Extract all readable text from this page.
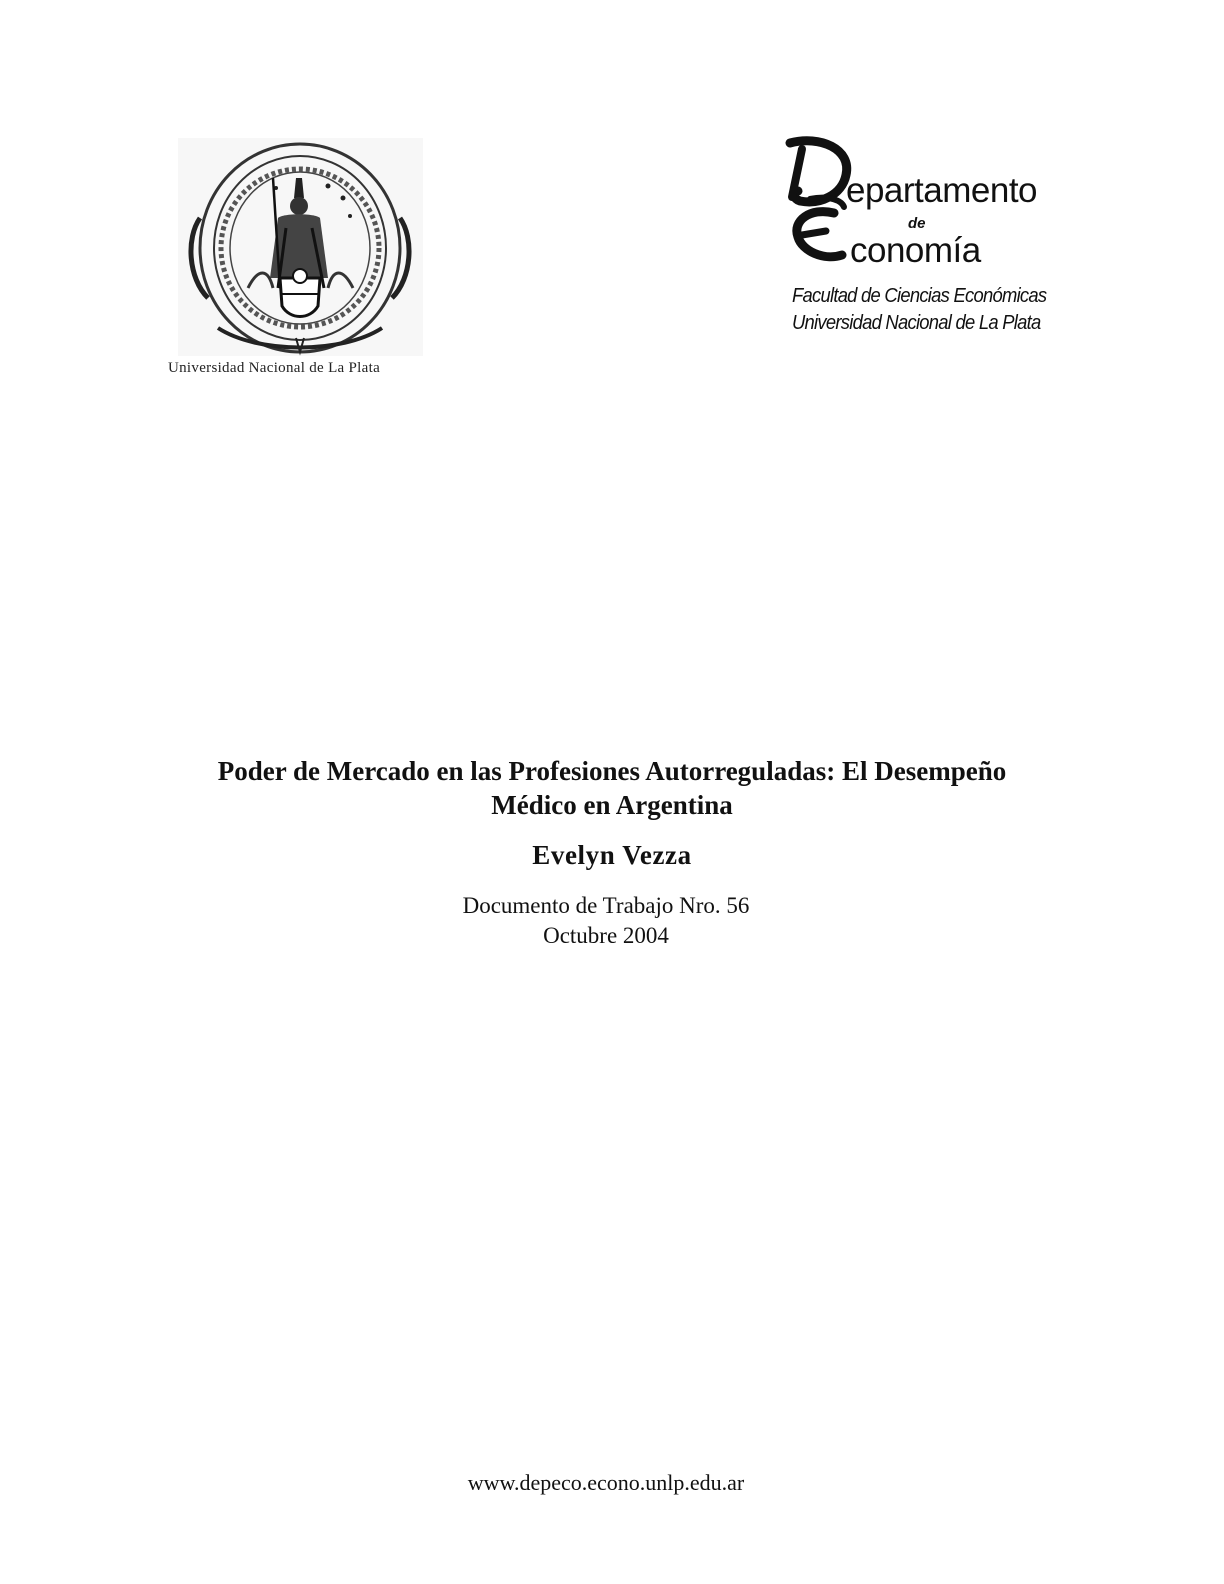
Universidad Nacional de La Plata
epartamento
de
conomía
Facultad de Ciencias Económicas
Universidad Nacional de La Plata
Poder de Mercado en las Profesiones Autorreguladas: El Desempeño
Médico en Argentina
Evelyn Vezza
Documento de Trabajo Nro. 56
Octubre 2004
www.depeco.econo.unlp.edu.ar
